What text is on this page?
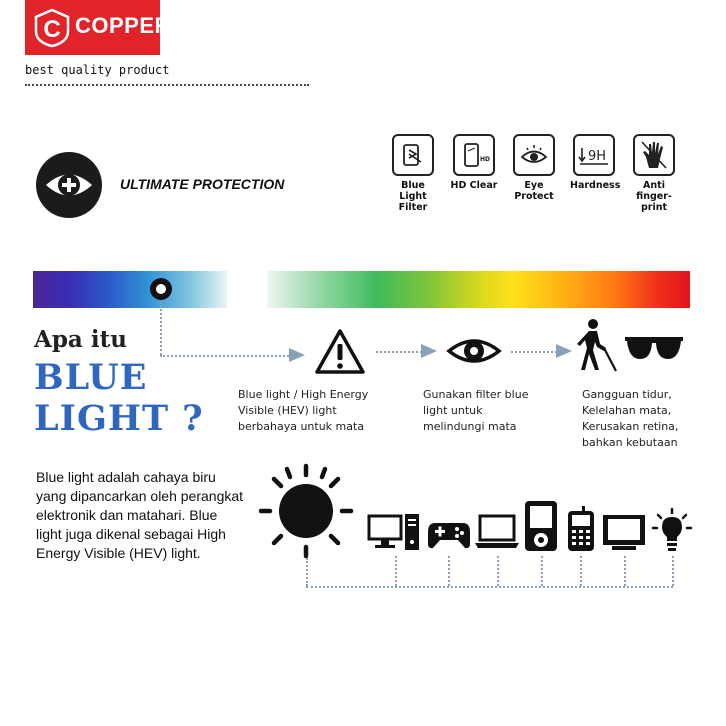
C COPPER
best quality product
ULTIMATE PROTECTION	Blue Light Filter
HD
HD Clear	Eye Protect
9H
Hardness	Anti finger-print
Apa itu
BLUE
LIGHT ?
Blue light / High Energy Visible (HEV) light berbahaya untuk mata
Gunakan filter blue light untuk melindungi mata
Gangguan tidur, Kelelahan mata, Kerusakan retina, bahkan kebutaan
Blue light adalah cahaya biru yang dipancarkan oleh perangkat elektronik dan matahari. Blue light juga dikenal sebagai High Energy Visible (HEV) light.
